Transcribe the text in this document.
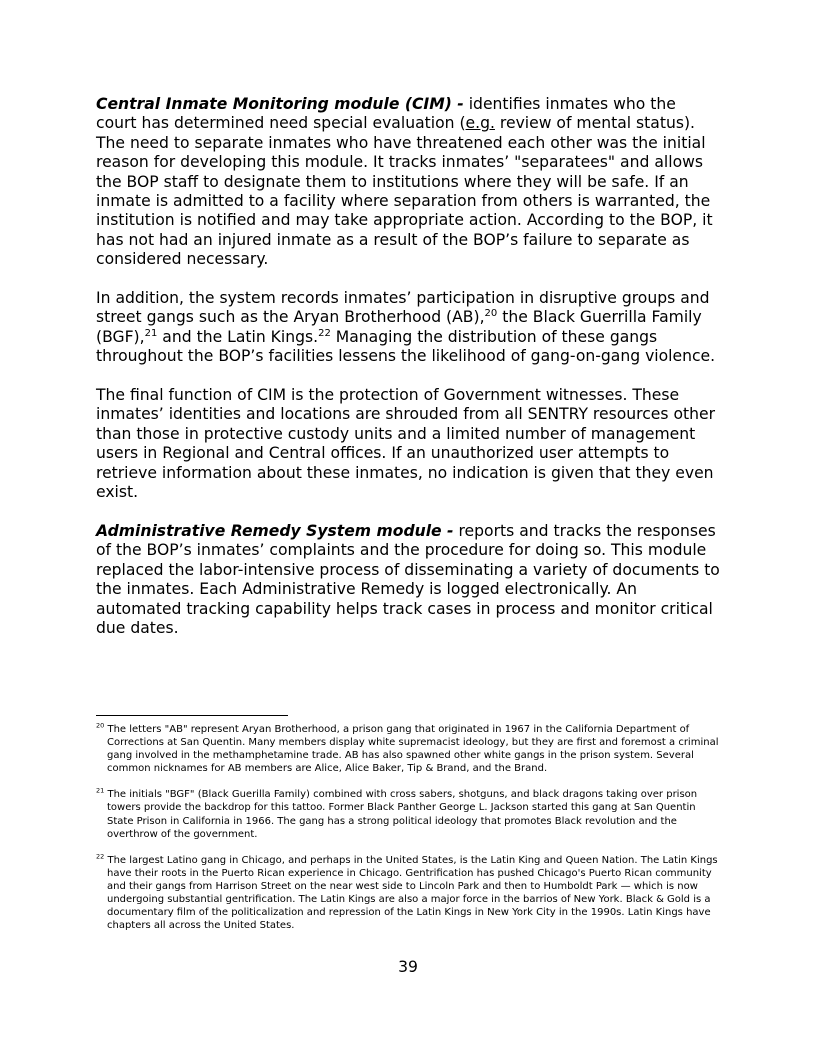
Central Inmate Monitoring module (CIM) - identifies inmates who the court has determined need special evaluation (e.g. review of mental status). The need to separate inmates who have threatened each other was the initial reason for developing this module. It tracks inmates’ "separatees" and allows the BOP staff to designate them to institutions where they will be safe. If an inmate is admitted to a facility where separation from others is warranted, the institution is notified and may take appropriate action. According to the BOP, it has not had an injured inmate as a result of the BOP’s failure to separate as considered necessary.

In addition, the system records inmates’ participation in disruptive groups and street gangs such as the Aryan Brotherhood (AB),$^{20}$ the Black Guerrilla Family (BGF),$^{21}$ and the Latin Kings.$^{22}$ Managing the distribution of these gangs throughout the BOP’s facilities lessens the likelihood of gang-on-gang violence.

The final function of CIM is the protection of Government witnesses. These inmates’ identities and locations are shrouded from all SENTRY resources other than those in protective custody units and a limited number of management users in Regional and Central offices. If an unauthorized user attempts to retrieve information about these inmates, no indication is given that they even exist.

Administrative Remedy System module - reports and tracks the responses of the BOP’s inmates’ complaints and the procedure for doing so. This module replaced the labor-intensive process of disseminating a variety of documents to the inmates. Each Administrative Remedy is logged electronically. An automated tracking capability helps track cases in process and monitor critical due dates.

$^{20}$ The letters "AB" represent Aryan Brotherhood, a prison gang that originated in 1967 in the California Department of Corrections at San Quentin. Many members display white supremacist ideology, but they are first and foremost a criminal gang involved in the methamphetamine trade. AB has also spawned other white gangs in the prison system. Several common nicknames for AB members are Alice, Alice Baker, Tip & Brand, and the Brand.

$^{21}$ The initials "BGF" (Black Guerilla Family) combined with cross sabers, shotguns, and black dragons taking over prison towers provide the backdrop for this tattoo. Former Black Panther George L. Jackson started this gang at San Quentin State Prison in California in 1966. The gang has a strong political ideology that promotes Black revolution and the overthrow of the government.

$^{22}$ The largest Latino gang in Chicago, and perhaps in the United States, is the Latin King and Queen Nation. The Latin Kings have their roots in the Puerto Rican experience in Chicago. Gentrification has pushed Chicago's Puerto Rican community and their gangs from Harrison Street on the near west side to Lincoln Park and then to Humboldt Park — which is now undergoing substantial gentrification. The Latin Kings are also a major force in the barrios of New York. Black & Gold is a documentary film of the politicalization and repression of the Latin Kings in New York City in the 1990s. Latin Kings have chapters all across the United States.

39
